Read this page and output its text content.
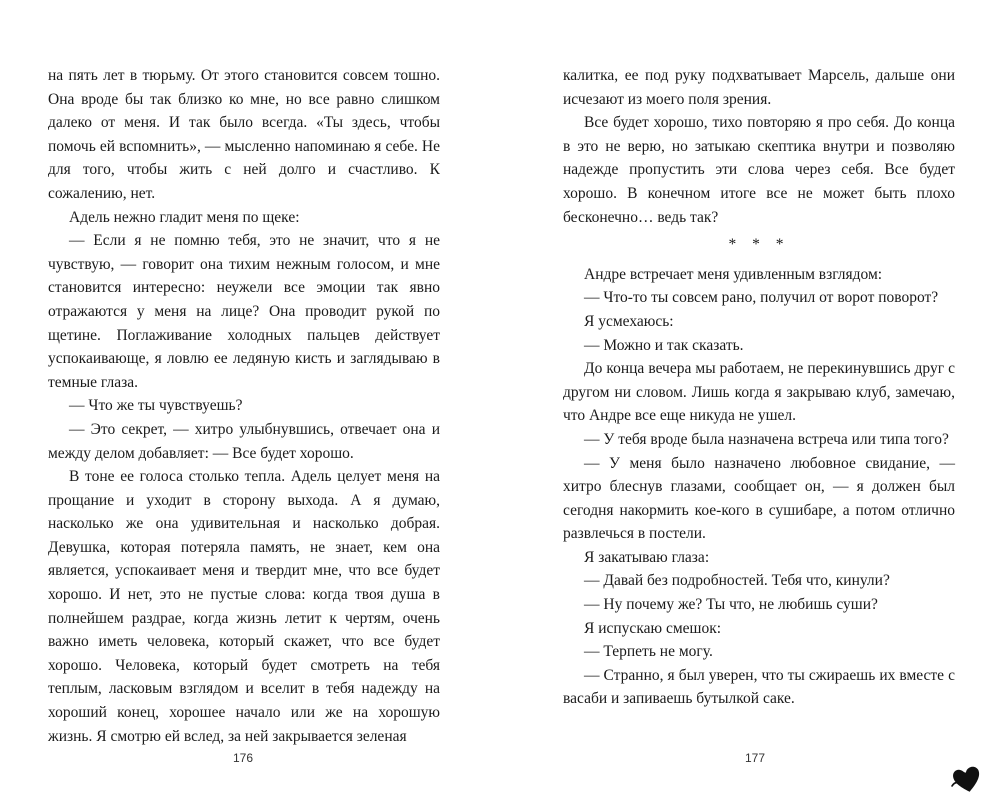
на пять лет в тюрьму. От этого становится совсем тошно. Она вроде бы так близко ко мне, но все равно слишком далеко от меня. И так было всегда. «Ты здесь, чтобы помочь ей вспомнить», — мысленно напоминаю я себе. Не для того, чтобы жить с ней долго и счастливо. К сожалению, нет.

Адель нежно гладит меня по щеке:

— Если я не помню тебя, это не значит, что я не чувствую, — говорит она тихим нежным голосом, и мне становится интересно: неужели все эмоции так явно отражаются у меня на лице? Она проводит рукой по щетине. Поглаживание холодных пальцев действует успокаивающе, я ловлю ее ледяную кисть и заглядываю в темные глаза.

— Что же ты чувствуешь?

— Это секрет, — хитро улыбнувшись, отвечает она и между делом добавляет: — Все будет хорошо.

В тоне ее голоса столько тепла. Адель целует меня на прощание и уходит в сторону выхода. А я думаю, насколько же она удивительная и насколько добрая. Девушка, которая потеряла память, не знает, кем она является, успокаивает меня и твердит мне, что все будет хорошо. И нет, это не пустые слова: когда твоя душа в полнейшем раздрае, когда жизнь летит к чертям, очень важно иметь человека, который скажет, что все будет хорошо. Человека, который будет смотреть на тебя теплым, ласковым взглядом и вселит в тебя надежду на хороший конец, хорошее начало или же на хорошую жизнь. Я смотрю ей вслед, за ней закрывается зеленая

калитка, ее под руку подхватывает Марсель, дальше они исчезают из моего поля зрения.

Все будет хорошо, тихо повторяю я про себя. До конца в это не верю, но затыкаю скептика внутри и позволяю надежде пропустить эти слова через себя. Все будет хорошо. В конечном итоге все не может быть плохо бесконечно… ведь так?

* * *

Андре встречает меня удивленным взглядом:

— Что-то ты совсем рано, получил от ворот поворот?

Я усмехаюсь:

— Можно и так сказать.

До конца вечера мы работаем, не перекинувшись друг с другом ни словом. Лишь когда я закрываю клуб, замечаю, что Андре все еще никуда не ушел.

— У тебя вроде была назначена встреча или типа того?

— У меня было назначено любовное свидание, — хитро блеснув глазами, сообщает он, — я должен был сегодня накормить кое-кого в сушибаре, а потом отлично развлечься в постели.

Я закатываю глаза:

— Давай без подробностей. Тебя что, кинули?

— Ну почему же? Ты что, не любишь суши?

Я испускаю смешок:

— Терпеть не могу.

— Странно, я был уверен, что ты сжираешь их вместе с васаби и запиваешь бутылкой саке.

176	177
